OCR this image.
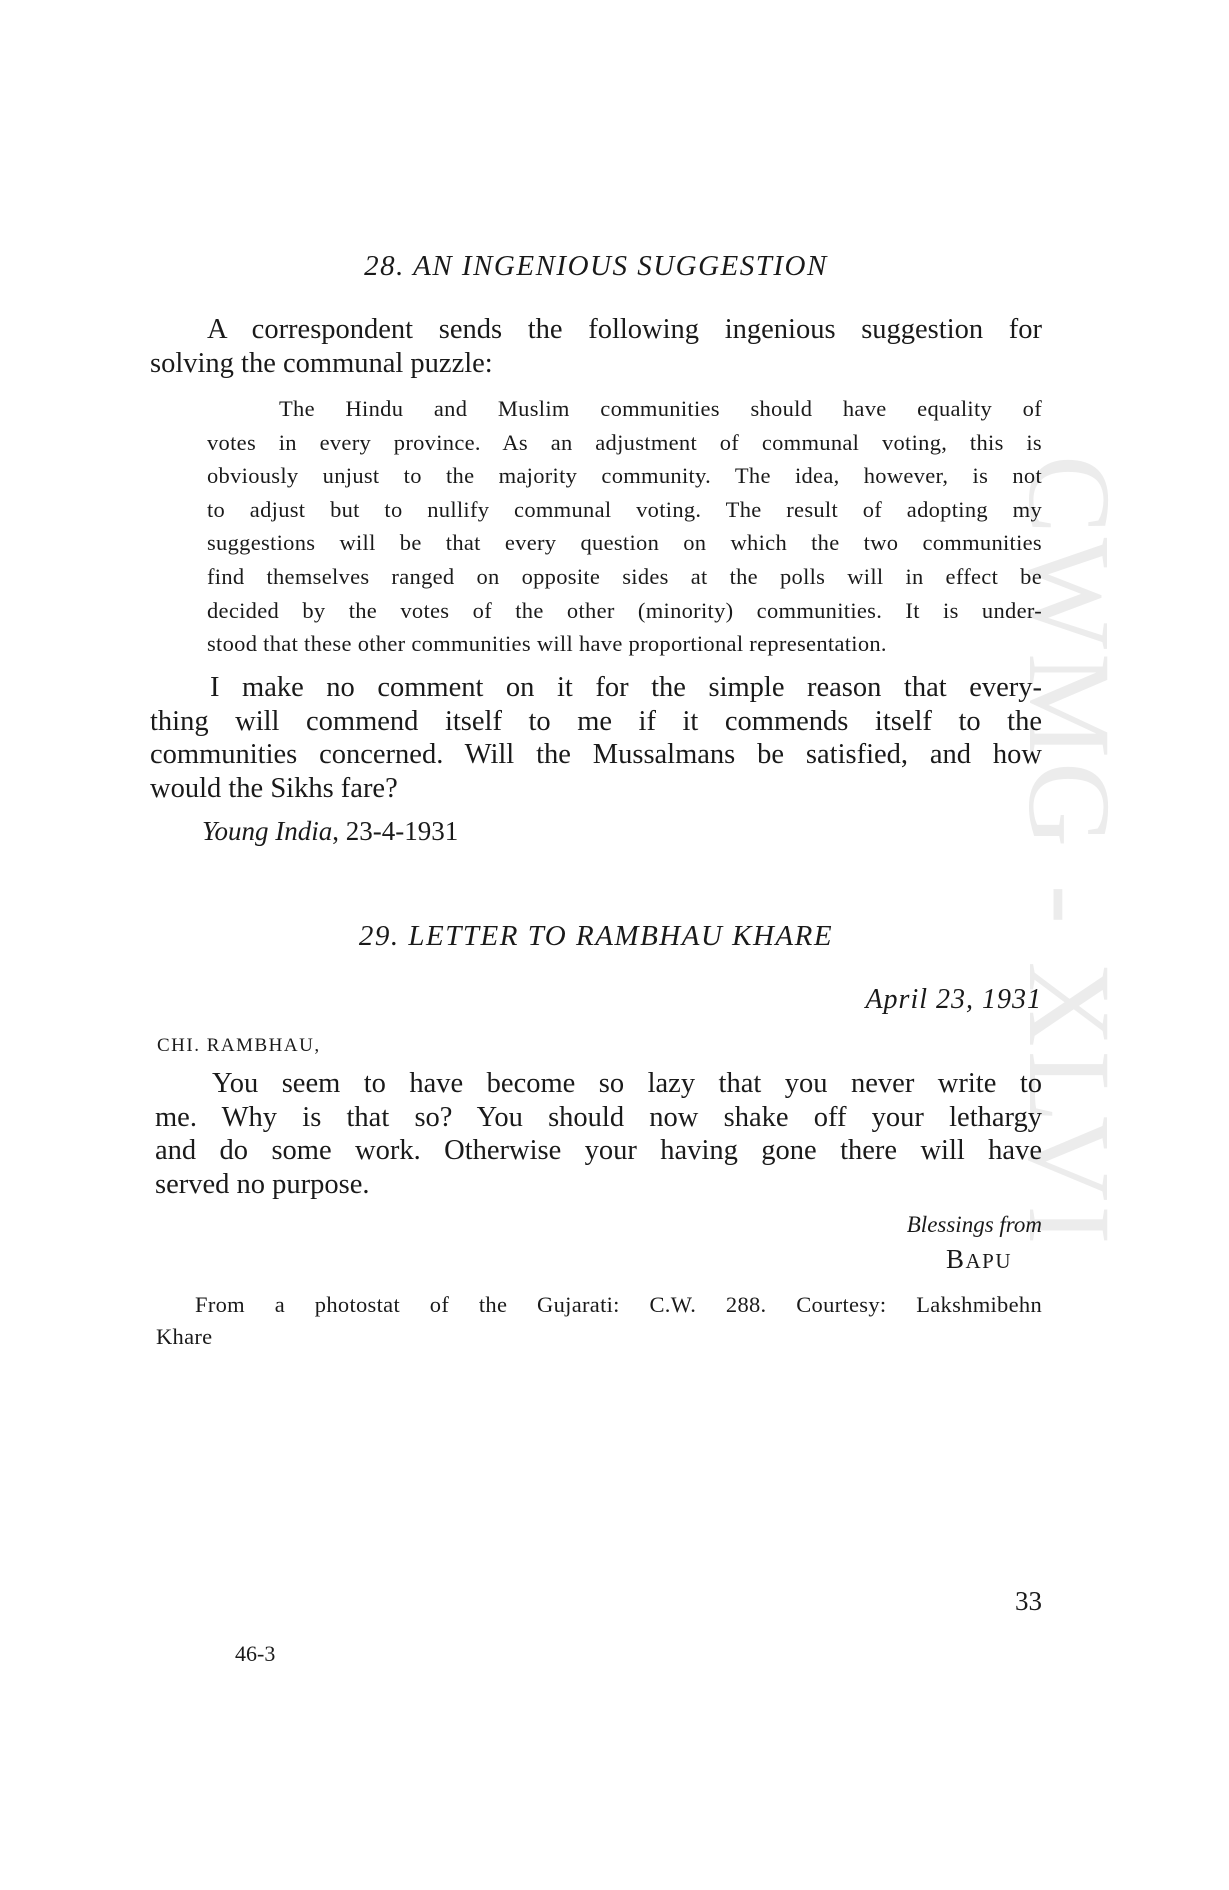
CWMG - XLVI
28. AN INGENIOUS SUGGESTION
A correspondent sends the following ingenious suggestion for
solving the communal puzzle:
The Hindu and Muslim communities should have equality of
votes in every province. As an adjustment of communal voting, this is
obviously unjust to the majority community. The idea, however, is not
to adjust but to nullify communal voting. The result of adopting my
suggestions will be that every question on which the two communities
find themselves ranged on opposite sides at the polls will in effect be
decided by the votes of the other (minority) communities. It is under-
stood that these other communities will have proportional representation.
I make no comment on it for the simple reason that every-
thing will commend itself to me if it commends itself to the
communities concerned. Will the Mussalmans be satisfied, and how
would the Sikhs fare?
Young India, 23-4-1931
29. LETTER TO RAMBHAU KHARE
April 23, 1931
CHI. RAMBHAU,
You seem to have become so lazy that you never write to
me. Why is that so? You should now shake off your lethargy
and do some work. Otherwise your having gone there will have
served no purpose.
Blessings from
BAPU
From a photostat of the Gujarati: C.W. 288. Courtesy: Lakshmibehn
Khare
33
46-3
